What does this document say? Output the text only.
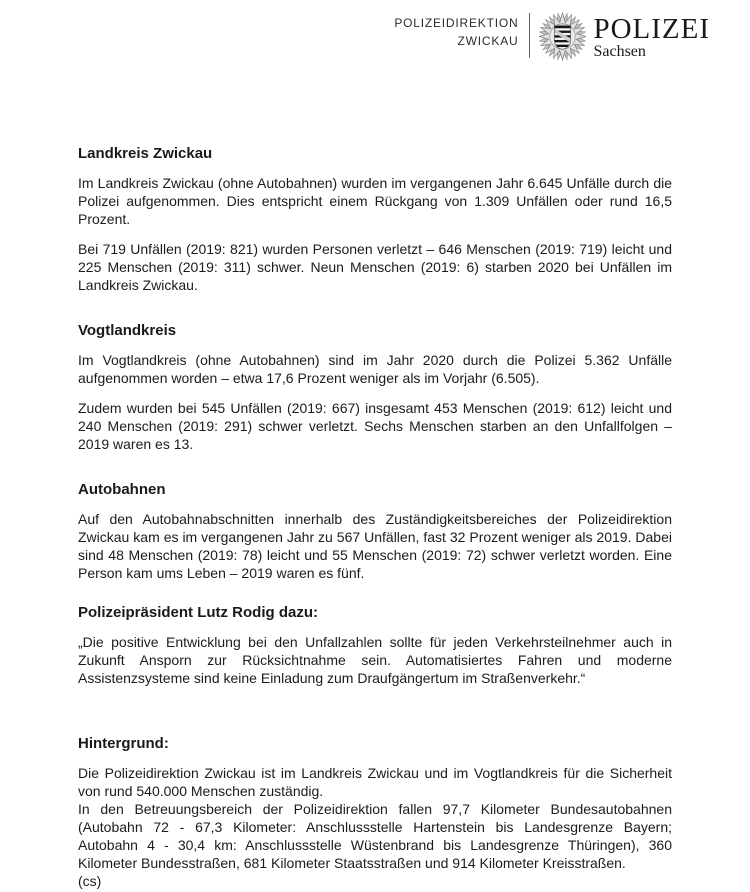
POLIZEIDIREKTION
ZWICKAU	POLIZEI
Sachsen
Landkreis Zwickau

Im Landkreis Zwickau (ohne Autobahnen) wurden im vergangenen Jahr 6.645 Unfälle durch die Polizei aufgenommen. Dies entspricht einem Rückgang von 1.309 Unfällen oder rund 16,5 Prozent.

Bei 719 Unfällen (2019: 821) wurden Personen verletzt – 646 Menschen (2019: 719) leicht und 225 Menschen (2019: 311) schwer. Neun Menschen (2019: 6) starben 2020 bei Unfällen im Landkreis Zwickau.

Vogtlandkreis

Im Vogtlandkreis (ohne Autobahnen) sind im Jahr 2020 durch die Polizei 5.362 Unfälle aufgenommen worden – etwa 17,6 Prozent weniger als im Vorjahr (6.505).

Zudem wurden bei 545 Unfällen (2019: 667) insgesamt 453 Menschen (2019: 612) leicht und 240 Menschen (2019: 291) schwer verletzt. Sechs Menschen starben an den Unfallfolgen – 2019 waren es 13.

Autobahnen

Auf den Autobahnabschnitten innerhalb des Zuständigkeitsbereiches der Polizeidirektion Zwickau kam es im vergangenen Jahr zu 567 Unfällen, fast 32 Prozent weniger als 2019. Dabei sind 48 Menschen (2019: 78) leicht und 55 Menschen (2019: 72) schwer verletzt worden. Eine Person kam ums Leben – 2019 waren es fünf.

Polizeipräsident Lutz Rodig dazu:

„Die positive Entwicklung bei den Unfallzahlen sollte für jeden Verkehrsteilnehmer auch in Zukunft Ansporn zur Rücksichtnahme sein. Automatisiertes Fahren und moderne Assistenzsysteme sind keine Einladung zum Draufgängertum im Straßenverkehr.“

Hintergrund:

Die Polizeidirektion Zwickau ist im Landkreis Zwickau und im Vogtlandkreis für die Sicherheit von rund 540.000 Menschen zuständig.

In den Betreuungsbereich der Polizeidirektion fallen 97,7 Kilometer Bundesautobahnen (Autobahn 72 - 67,3 Kilometer: Anschlussstelle Hartenstein bis Landesgrenze Bayern; Autobahn 4 - 30,4 km: Anschlussstelle Wüstenbrand bis Landesgrenze Thüringen), 360 Kilometer Bundesstraßen, 681 Kilometer Staatsstraßen und 914 Kilometer Kreisstraßen.

(cs)
